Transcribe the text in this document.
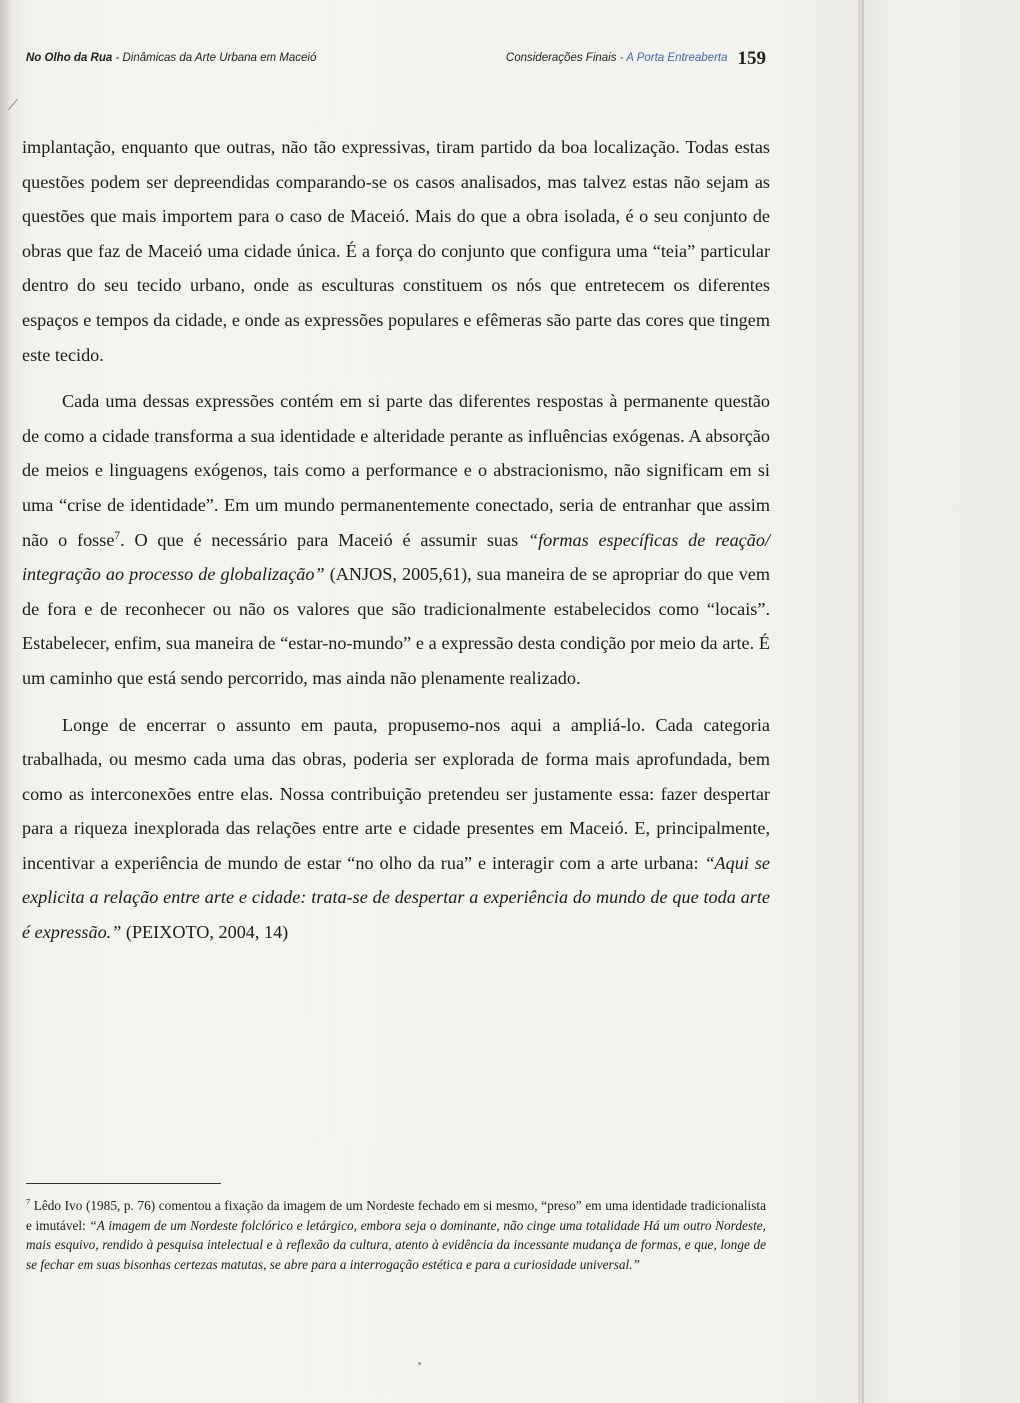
No Olho da Rua - Dinâmicas da Arte Urbana em Maceió	Considerações Finais - A Porta Entreaberta 159

implantação, enquanto que outras, não tão expressivas, tiram partido da boa localização. Todas estas questões podem ser depreendidas comparando-se os casos analisados, mas talvez estas não sejam as questões que mais importem para o caso de Maceió. Mais do que a obra isolada, é o seu conjunto de obras que faz de Maceió uma cidade única. É a força do conjunto que configura uma “teia” particular dentro do seu tecido urbano, onde as esculturas constituem os nós que entretecem os diferentes espaços e tempos da cidade, e onde as expressões populares e efêmeras são parte das cores que tingem este tecido.

Cada uma dessas expressões contém em si parte das diferentes respostas à permanente questão de como a cidade transforma a sua identidade e alteridade perante as influências exógenas. A absorção de meios e linguagens exógenos, tais como a performance e o abstracionismo, não significam em si uma “crise de identidade”. Em um mundo permanentemente conectado, seria de entranhar que assim não o fosse$^7$. O que é necessário para Maceió é assumir suas “formas específicas de reação/ integração ao processo de globalização” (ANJOS, 2005,61), sua maneira de se apropriar do que vem de fora e de reconhecer ou não os valores que são tradicionalmente estabelecidos como “locais”. Estabelecer, enfim, sua maneira de “estar-no-mundo” e a expressão desta condição por meio da arte. É um caminho que está sendo percorrido, mas ainda não plenamente realizado.

Longe de encerrar o assunto em pauta, propusemo-nos aqui a ampliá-lo. Cada categoria trabalhada, ou mesmo cada uma das obras, poderia ser explorada de forma mais aprofundada, bem como as interconexões entre elas. Nossa contribuição pretendeu ser justamente essa: fazer despertar para a riqueza inexplorada das relações entre arte e cidade presentes em Maceió. E, principalmente, incentivar a experiência de mundo de estar “no olho da rua” e interagir com a arte urbana: “Aqui se explicita a relação entre arte e cidade: trata-se de despertar a experiência do mundo de que toda arte é expressão.” (PEIXOTO, 2004, 14)

$^7$ Lêdo Ivo (1985, p. 76) comentou a fixação da imagem de um Nordeste fechado em si mesmo, “preso” em uma identidade tradicionalista e imutável: “A imagem de um Nordeste folclórico e letárgico, embora seja o dominante, não cinge uma totalidade Há um outro Nordeste, mais esquivo, rendido à pesquisa intelectual e à reflexão da cultura, atento à evidência da incessante mudança de formas, e que, longe de se fechar em suas bisonhas certezas matutas, se abre para a interrogação estética e para a curiosidade universal.”
